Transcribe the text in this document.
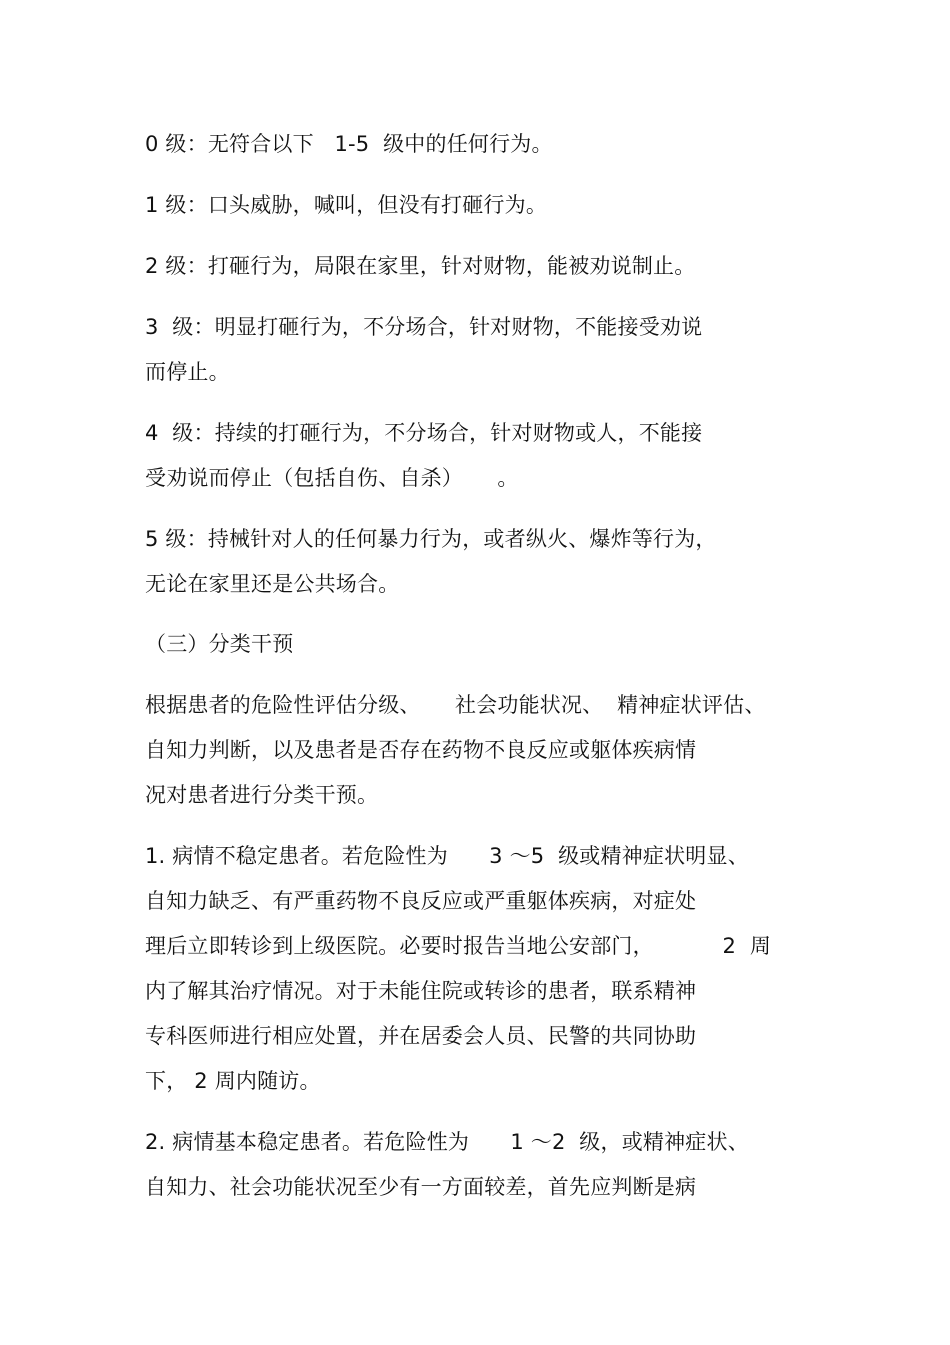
0 级：无符合以下   1-5  级中的任何行为。
1 级：口头威胁，喊叫，但没有打砸行为。
2 级：打砸行为，局限在家里，针对财物，能被劝说制止。
3  级：明显打砸行为，不分场合，针对财物，不能接受劝说
而停止。
4  级：持续的打砸行为，不分场合，针对财物或人，不能接
受劝说而停止（包括自伤、自杀）     。
5 级：持械针对人的任何暴力行为，或者纵火、爆炸等行为，
无论在家里还是公共场合。
（三）分类干预
根据患者的危险性评估分级、     社会功能状况、  精神症状评估、
自知力判断，以及患者是否存在药物不良反应或躯体疾病情
况对患者进行分类干预。
1. 病情不稳定患者。若危险性为      3 ～5  级或精神症状明显、
自知力缺乏、有严重药物不良反应或严重躯体疾病，对症处
理后立即转诊到上级医院。必要时报告当地公安部门，          2  周
内了解其治疗情况。对于未能住院或转诊的患者，联系精神
专科医师进行相应处置，并在居委会人员、民警的共同协助
下， 2 周内随访。
2. 病情基本稳定患者。若危险性为      1 ～2  级，或精神症状、
自知力、社会功能状况至少有一方面较差，首先应判断是病
